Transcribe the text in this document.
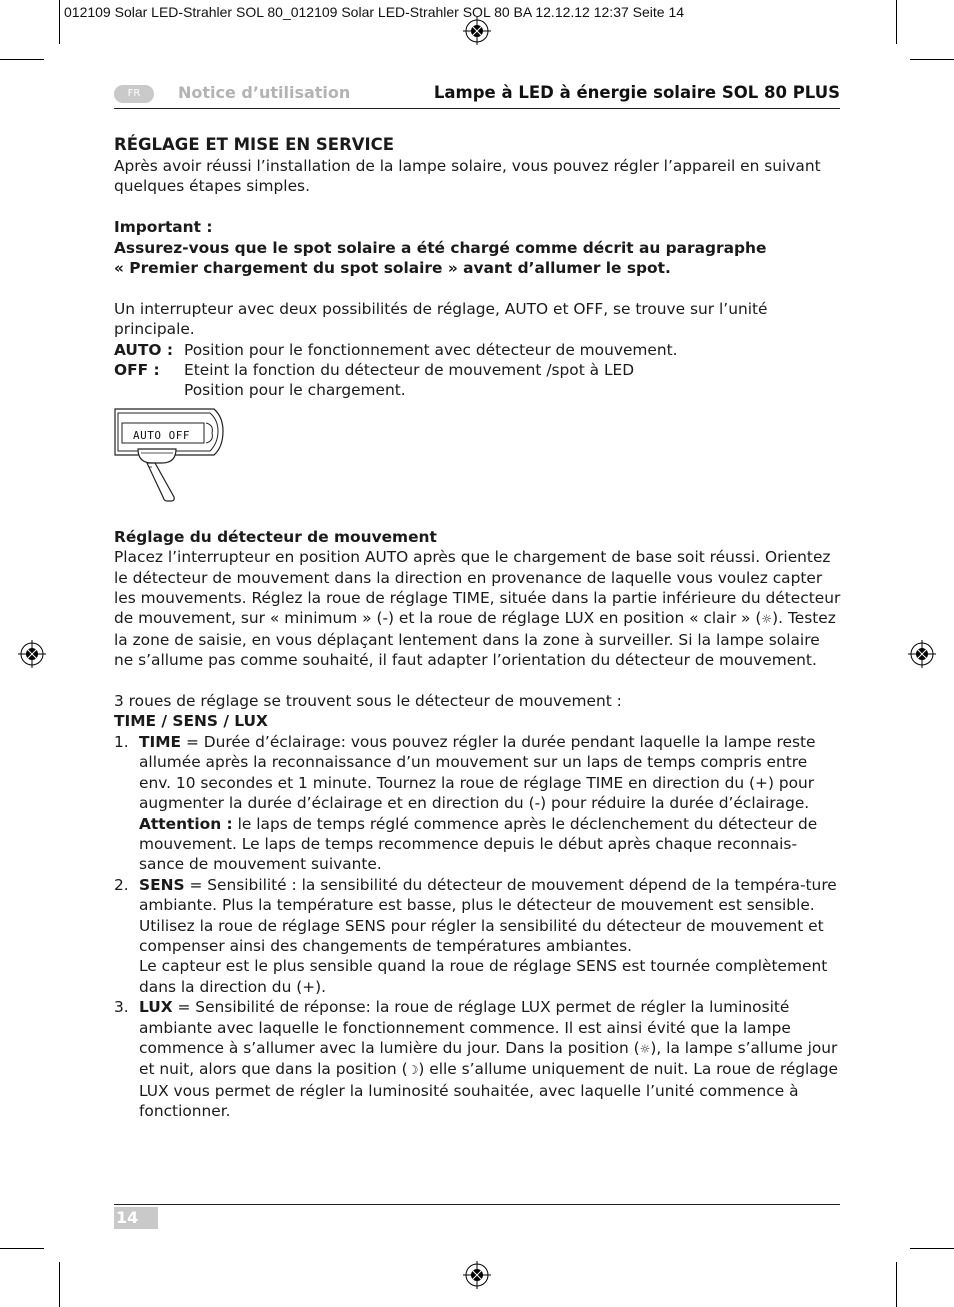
012109 Solar LED-Strahler SOL 80_012109 Solar LED-Strahler SOL 80 BA 12.12.12 12:37 Seite 14
FR	Notice d’utilisation	Lampe à LED à énergie solaire SOL 80 PLUS

RÉGLAGE ET MISE EN SERVICE

Après avoir réussi l’installation de la lampe solaire, vous pouvez régler l’appareil en suivant quelques étapes simples.

Important :

Assurez-vous que le spot solaire a été chargé comme décrit au paragraphe

« Premier chargement du spot solaire » avant d’allumer le spot.

Un interrupteur avec deux possibilités de réglage, AUTO et OFF, se trouve sur l’unité principale.

AUTO : Position pour le fonctionnement avec détecteur de mouvement.
OFF :	Eteint la fonction du détecteur de mouvement /spot à LED
Position pour le chargement.
AUTO OFF

Réglage du détecteur de mouvement

Placez l’interrupteur en position AUTO après que le chargement de base soit réussi. Orientez le détecteur de mouvement dans la direction en provenance de laquelle vous voulez capter les mouvements. Réglez la roue de réglage TIME, située dans la partie inférieure du détecteur de mouvement, sur « minimum » (-) et la roue de réglage LUX en position « clair » (☼). Testez la zone de saisie, en vous déplaçant lentement dans la zone à surveiller. Si la lampe solaire ne s’allume pas comme souhaité, il faut adapter l’orientation du détecteur de mouvement.

3 roues de réglage se trouvent sous le détecteur de mouvement :

TIME / SENS / LUX

1. TIME = Durée d’éclairage: vous pouvez régler la durée pendant laquelle la lampe reste allumée après la reconnaissance d’un mouvement sur un laps de temps compris entre env. 10 secondes et 1 minute. Tournez la roue de réglage TIME en direction du (+) pour augmenter la durée d’éclairage et en direction du (-) pour réduire la durée d’éclairage.
Attention : le laps de temps réglé commence après le déclenchement du détecteur de mouvement. Le laps de temps recommence depuis le début après chaque reconnais-sance de mouvement suivante.
2. SENS = Sensibilité : la sensibilité du détecteur de mouvement dépend de la tempéra-ture ambiante. Plus la température est basse, plus le détecteur de mouvement est sensible. Utilisez la roue de réglage SENS pour régler la sensibilité du détecteur de mouvement et compenser ainsi des changements de températures ambiantes.
Le capteur est le plus sensible quand la roue de réglage SENS est tournée complètement dans la direction du (+).
3. LUX = Sensibilité de réponse: la roue de réglage LUX permet de régler la luminosité ambiante avec laquelle le fonctionnement commence. Il est ainsi évité que la lampe commence à s’allumer avec la lumière du jour. Dans la position (☼), la lampe s’allume jour et nuit, alors que dans la position (☽) elle s’allume uniquement de nuit. La roue de réglage LUX vous permet de régler la luminosité souhaitée, avec laquelle l’unité commence à fonctionner.
14
